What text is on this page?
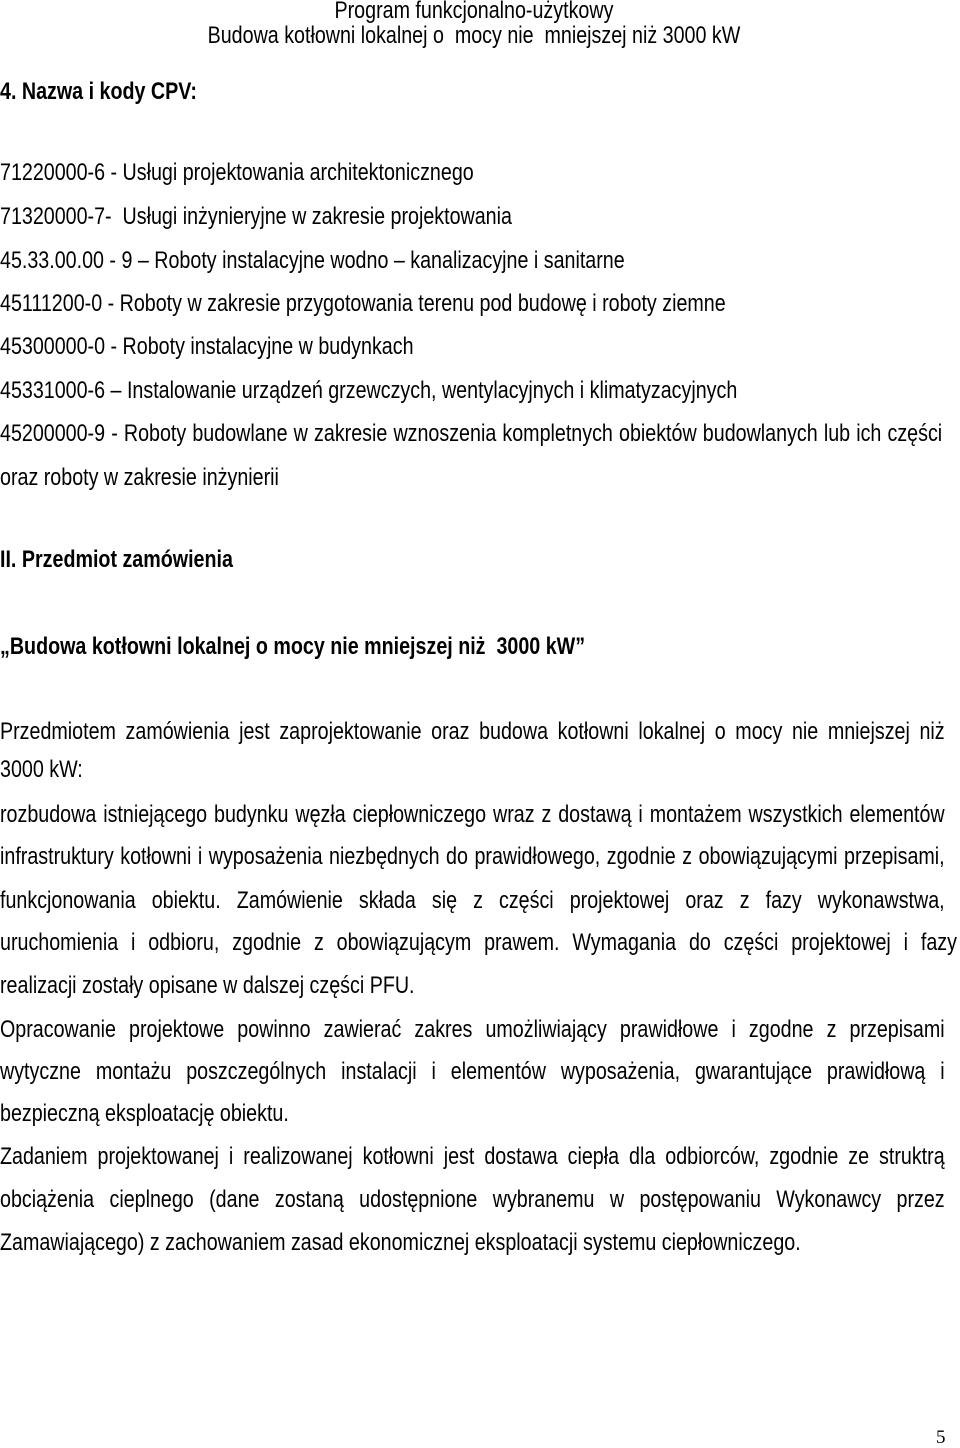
Program funkcjonalno-użytkowy
Budowa kotłowni lokalnej o  mocy nie  mniejszej niż 3000 kW
4. Nazwa i kody CPV:
71220000-6 - Usługi projektowania architektonicznego
71320000-7-  Usługi inżynieryjne w zakresie projektowania
45.33.00.00 - 9 – Roboty instalacyjne wodno – kanalizacyjne i sanitarne
45111200-0 - Roboty w zakresie przygotowania terenu pod budowę i roboty ziemne
45300000-0 - Roboty instalacyjne w budynkach
45331000-6 – Instalowanie urządzeń grzewczych, wentylacyjnych i klimatyzacyjnych
45200000-9 - Roboty budowlane w zakresie wznoszenia kompletnych obiektów budowlanych lub ich części
oraz roboty w zakresie inżynierii
II. Przedmiot zamówienia
„Budowa kotłowni lokalnej o mocy nie mniejszej niż  3000 kW”
Przedmiotem zamówienia jest zaprojektowanie oraz budowa kotłowni lokalnej o mocy nie mniejszej niż
3000 kW:
rozbudowa istniejącego budynku węzła ciepłowniczego wraz z dostawą i montażem wszystkich elementów
infrastruktury kotłowni i wyposażenia niezbędnych do prawidłowego, zgodnie z obowiązującymi przepisami,
funkcjonowania obiektu. Zamówienie składa się z części projektowej oraz z fazy wykonawstwa,
uruchomienia i odbioru, zgodnie z obowiązującym prawem. Wymagania do części projektowej i fazy
realizacji zostały opisane w dalszej części PFU.
Opracowanie projektowe powinno zawierać zakres umożliwiający prawidłowe i zgodne z przepisami
wytyczne montażu poszczególnych instalacji i elementów wyposażenia, gwarantujące prawidłową i
bezpieczną eksploatację obiektu.
Zadaniem projektowanej i realizowanej kotłowni jest dostawa ciepła dla odbiorców, zgodnie ze struktrą
obciążenia cieplnego (dane zostaną udostępnione wybranemu w postępowaniu Wykonawcy przez
Zamawiającego) z zachowaniem zasad ekonomicznej eksploatacji systemu ciepłowniczego.
5
